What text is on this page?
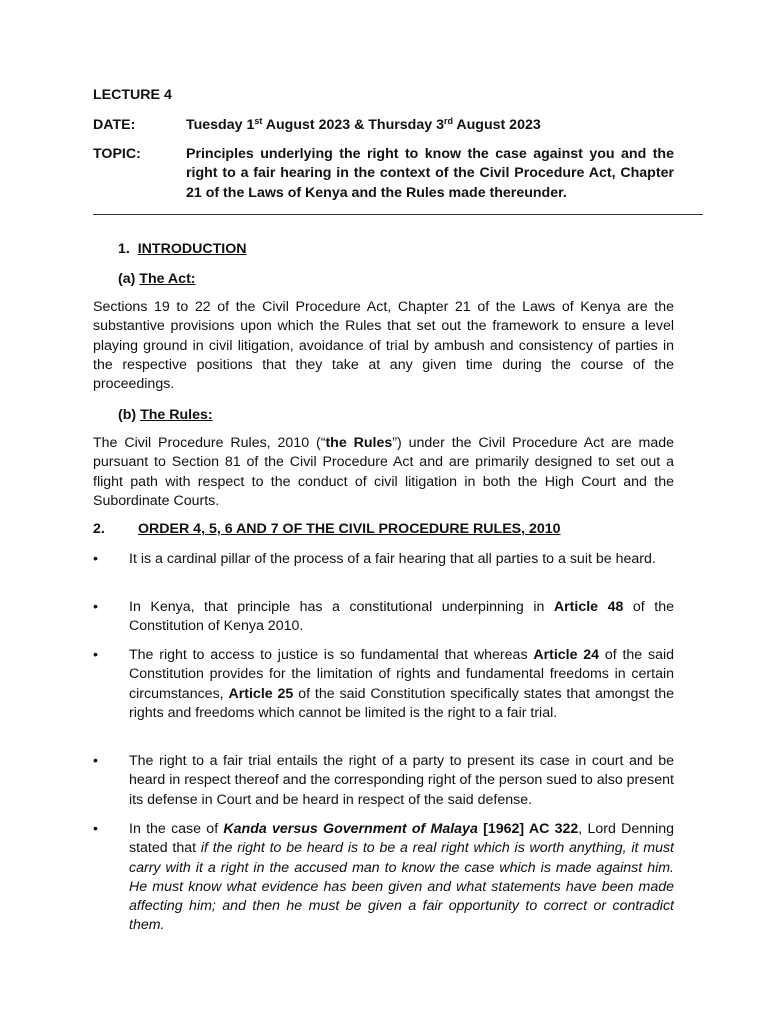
LECTURE 4
DATE:	Tuesday 1st August 2023 & Thursday 3rd August 2023
TOPIC:	Principles underlying the right to know the case against you and the right to a fair hearing in the context of the Civil Procedure Act, Chapter 21 of the Laws of Kenya and the Rules made thereunder.
1. INTRODUCTION
(a) The Act:
Sections 19 to 22 of the Civil Procedure Act, Chapter 21 of the Laws of Kenya are the substantive provisions upon which the Rules that set out the framework to ensure a level playing ground in civil litigation, avoidance of trial by ambush and consistency of parties in the respective positions that they take at any given time during the course of the proceedings.
(b) The Rules:
The Civil Procedure Rules, 2010 (“the Rules”) under the Civil Procedure Act are made pursuant to Section 81 of the Civil Procedure Act and are primarily designed to set out a flight path with respect to the conduct of civil litigation in both the High Court and the Subordinate Courts.
2. ORDER 4, 5, 6 AND 7 OF THE CIVIL PROCEDURE RULES, 2010
• It is a cardinal pillar of the process of a fair hearing that all parties to a suit be heard.
• In Kenya, that principle has a constitutional underpinning in Article 48 of the Constitution of Kenya 2010.
• The right to access to justice is so fundamental that whereas Article 24 of the said Constitution provides for the limitation of rights and fundamental freedoms in certain circumstances, Article 25 of the said Constitution specifically states that amongst the rights and freedoms which cannot be limited is the right to a fair trial.
• The right to a fair trial entails the right of a party to present its case in court and be heard in respect thereof and the corresponding right of the person sued to also present its defense in Court and be heard in respect of the said defense.
• In the case of Kanda versus Government of Malaya [1962] AC 322, Lord Denning stated that if the right to be heard is to be a real right which is worth anything, it must carry with it a right in the accused man to know the case which is made against him. He must know what evidence has been given and what statements have been made affecting him; and then he must be given a fair opportunity to correct or contradict them.
